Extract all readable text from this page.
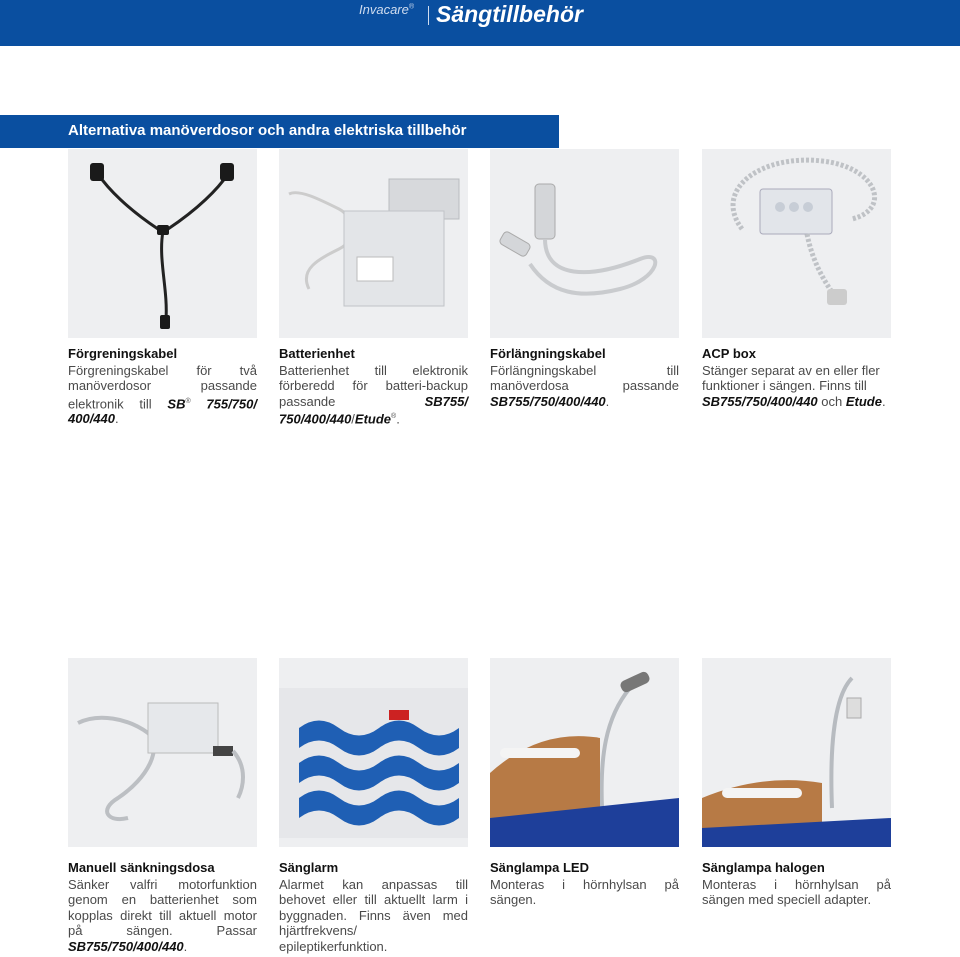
Invacare® Sängtillbehör
Alternativa manöverdosor och andra elektriska tillbehör
Förgreningskabel
Förgreningskabel för två manöverdosor passande elektronik till SB® 755/750/ 400/440.
Batterienhet
Batterienhet till elektronik förberedd för batteri-backup passande SB755/ 750/400/440/Etude®.
Förlängningskabel
Förlängningskabel till manöverdosa passande SB755/750/400/440.
ACP box
Stänger separat av en eller fler funktioner i sängen. Finns till SB755/750/400/440 och Etude.
Manuell sänkningsdosa
Sänker valfri motorfunktion genom en batterienhet som kopplas direkt till aktuell motor på sängen. Passar SB755/750/400/440.
Sänglarm
Alarmet kan anpassas till behovet eller till aktuellt larm i byggnaden. Finns även med hjärtfrekvens/ epileptikerfunktion.
Sänglampa LED
Monteras i hörnhylsan på sängen.
Sänglampa halogen
Monteras i hörnhylsan på sängen med speciell adapter.
